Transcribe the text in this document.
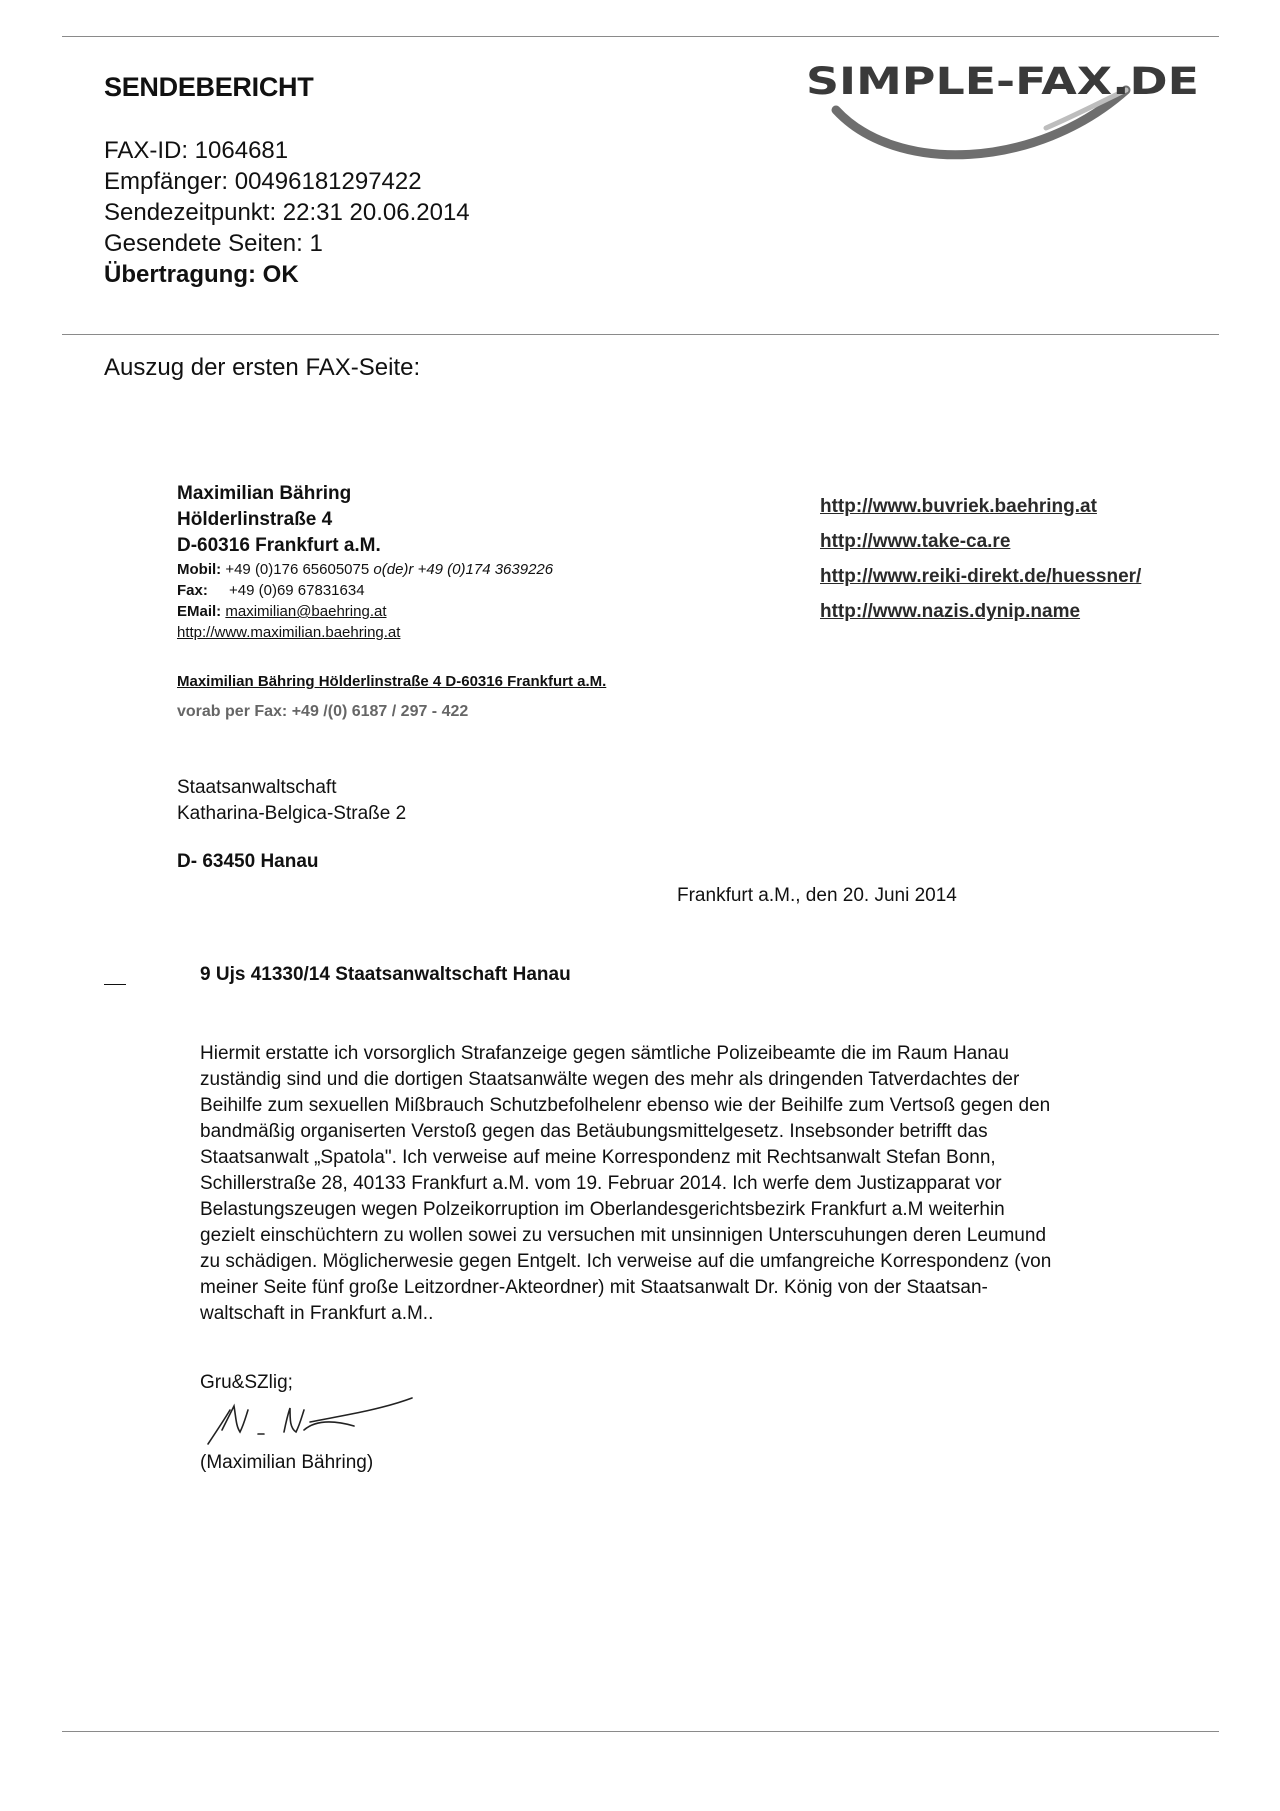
SENDEBERICHT
FAX-ID: 1064681
Empfänger: 00496181297422
Sendezeitpunkt: 22:31 20.06.2014
Gesendete Seiten: 1
Übertragung: OK
SIMPLE-FAX.DE
Auszug der ersten FAX-Seite:
Maximilian Bähring
Hölderlinstraße 4
D-60316 Frankfurt a.M.
Mobil: +49 (0)176 65605075 o(de)r +49 (0)174 3639226
Fax: +49 (0)69 67831634
EMail: maximilian@baehring.at
http://www.maximilian.baehring.at
http://www.buvriek.baehring.at
http://www.take-ca.re
http://www.reiki-direkt.de/huessner/
http://www.nazis.dynip.name
Maximilian Bähring Hölderlinstraße 4 D-60316 Frankfurt a.M.
vorab per Fax: +49 /(0) 6187 / 297 - 422
Staatsanwaltschaft
Katharina-Belgica-Straße 2
D- 63450 Hanau
Frankfurt a.M., den 20. Juni 2014
9 Ujs 41330/14 Staatsanwaltschaft Hanau
Hiermit erstatte ich vorsorglich Strafanzeige gegen sämtliche Polizeibeamte die im Raum Hanau
zuständig sind und die dortigen Staatsanwälte wegen des mehr als dringenden Tatverdachtes der
Beihilfe zum sexuellen Mißbrauch Schutzbefolhelenr ebenso wie der Beihilfe zum Vertsoß gegen den
bandmäßig organiserten Verstoß gegen das Betäubungsmittelgesetz. Insebsonder betrifft das
Staatsanwalt „Spatola". Ich verweise auf meine Korrespondenz mit Rechtsanwalt Stefan Bonn,
Schillerstraße 28, 40133 Frankfurt a.M. vom 19. Februar 2014. Ich werfe dem Justizapparat vor
Belastungszeugen wegen Polzeikorruption im Oberlandesgerichtsbezirk Frankfurt a.M weiterhin
gezielt einschüchtern zu wollen sowei zu versuchen mit unsinnigen Unterscuhungen deren Leumund
zu schädigen. Möglicherwesie gegen Entgelt. Ich verweise auf die umfangreiche Korrespondenz (von
meiner Seite fünf große Leitzordner-Akteordner) mit Staatsanwalt Dr. König von der Staatsan-
waltschaft in Frankfurt a.M..
Gru&SZlig;
(Maximilian Bähring)
